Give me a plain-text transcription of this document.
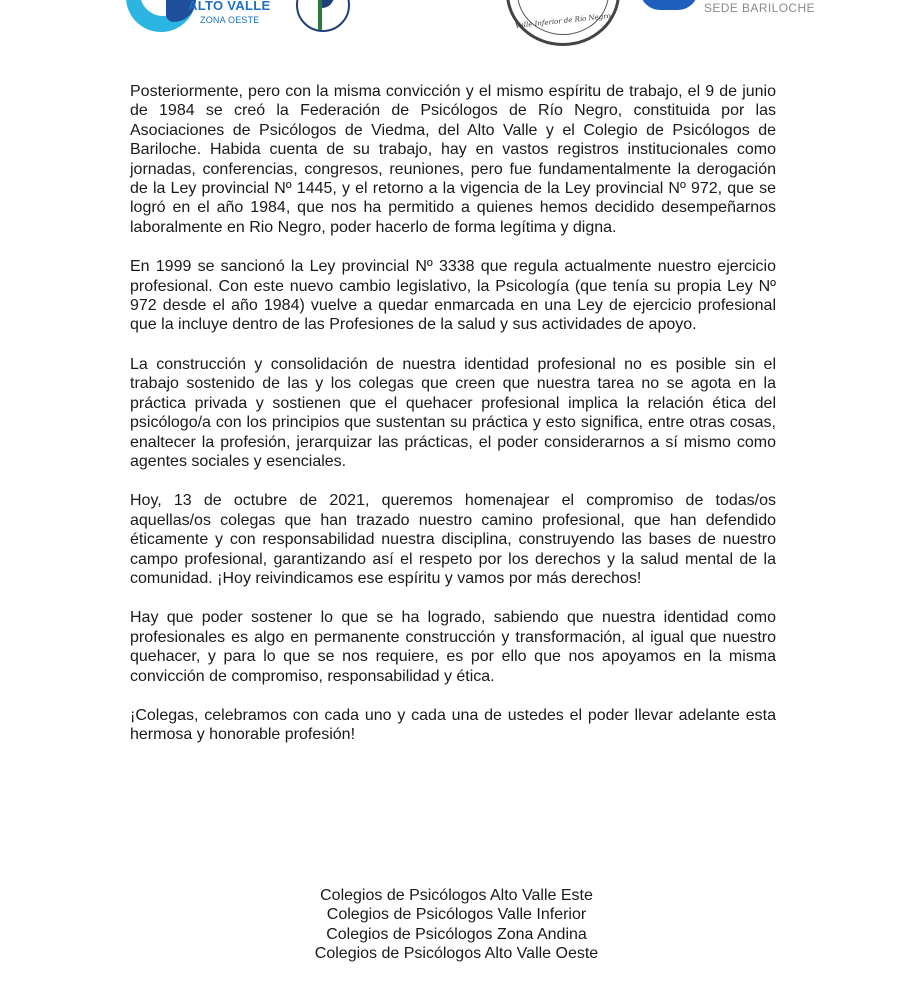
ALTO VALLE
ZONA OESTE	Valle Inferior de Río Negro
SEDE BARILOCHE

Posteriormente, pero con la misma convicción y el mismo espíritu de trabajo, el 9 de junio de 1984 se creó la Federación de Psicólogos de Río Negro, constituida por las Asociaciones de Psicólogos de Viedma, del Alto Valle y el Colegio de Psicólogos de Bariloche. Habida cuenta de su trabajo, hay en vastos registros institucionales como jornadas, conferencias, congresos, reuniones, pero fue fundamentalmente la derogación de la Ley provincial Nº 1445, y el retorno a la vigencia de la Ley provincial Nº 972, que se logró en el año 1984, que nos ha permitido a quienes hemos decidido desempeñarnos laboralmente en Rio Negro, poder hacerlo de forma legítima y digna.

En 1999 se sancionó la Ley provincial Nº 3338 que regula actualmente nuestro ejercicio profesional. Con este nuevo cambio legislativo, la Psicología (que tenía su propia Ley Nº 972 desde el año 1984) vuelve a quedar enmarcada en una Ley de ejercicio profesional que la incluye dentro de las Profesiones de la salud y sus actividades de apoyo.

La construcción y consolidación de nuestra identidad profesional no es posible sin el trabajo sostenido de las y los colegas que creen que nuestra tarea no se agota en la práctica privada y sostienen que el quehacer profesional implica la relación ética del psicólogo/a con los principios que sustentan su práctica y esto significa, entre otras cosas, enaltecer la profesión, jerarquizar las prácticas, el poder considerarnos a sí mismo como agentes sociales y esenciales.

Hoy, 13 de octubre de 2021, queremos homenajear el compromiso de todas/os aquellas/os colegas que han trazado nuestro camino profesional, que han defendido éticamente y con responsabilidad nuestra disciplina, construyendo las bases de nuestro campo profesional, garantizando así el respeto por los derechos y la salud mental de la comunidad. ¡Hoy reivindicamos ese espíritu y vamos por más derechos!

Hay que poder sostener lo que se ha logrado, sabiendo que nuestra identidad como profesionales es algo en permanente construcción y transformación, al igual que nuestro quehacer, y para lo que se nos requiere, es por ello que nos apoyamos en la misma convicción de compromiso, responsabilidad y ética.

¡Colegas, celebramos con cada uno y cada una de ustedes el poder llevar adelante esta hermosa y honorable profesión!

Colegios de Psicólogos Alto Valle Este
Colegios de Psicólogos Valle Inferior
Colegios de Psicólogos Zona Andina
Colegios de Psicólogos Alto Valle Oeste
